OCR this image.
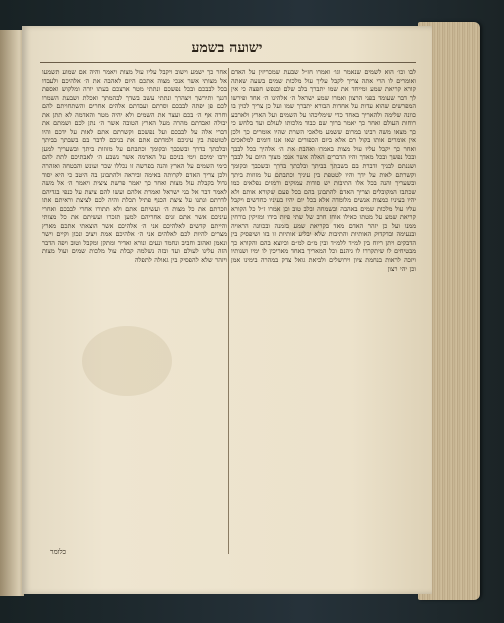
ישועה בשמע
לבו וכו׳ הוא לשמים שנאמר וגו׳ ואמרו חז״ל שבעת שמכריזין על האדם ואומרים לו הרי אתה צריך לקבל עליך עול מלכות שמים בשעה שאתה קורא קריאת שמע ומייחד את שמו יתברך בלב שלם ובנפש חפצה כי אין לך דבר שעומד בפני הרצון ואמרו שמע ישראל ה׳ אלהינו ה׳ אחד ופירשו המפרשים שהוא עדות על אחדות הבורא יתברך שמו ועל כן צריך לכוין בו כוונה שלימה ולהאריך באחד כדי שימליכהו על השמים ועל הארץ ולארבע רוחות העולם ואחר כך יאמר ברוך שם כבוד מלכותו לעולם ועד בלחש כי כך מצאו משה רבינו במרום ששמע מלאכי השרת שהיו אומרים כך ולכן אין אומרים אותו בקול רם אלא ביום הכפורים שאז אנו דומים למלאכים ואחר כך יקבל עליו עול מצות באמרו ואהבת את ה׳ אלהיך בכל לבבך ובכל נפשך ובכל מאדך והיו הדברים האלה אשר אנכי מצוך היום על לבבך ושננתם לבניך ודברת בם בשבתך בביתך ובלכתך בדרך ובשכבך ובקומך וקשרתם לאות על ידך והיו לטטפת בין עיניך וכתבתם על מזוזות ביתך ובשעריך והנה בכל אלו התיבות יש סודות עמוקים ורמזים נפלאים כמו שכתבו המקובלים וצריך האדם להתבונן בהם בכל פעם שקורא אותם ולא יהיו בעיניו כמצות אנשים מלומדה אלא בכל יום יהיו בעיניו כחדשים ויקבל עליו עול מלכות שמים באהבה ובשמחה ובלב טוב וכן אמרו ז״ל כל הקורא קריאת שמע על מטתו כאילו אוחז חרב של שתי פיות בידו ומזיקין בורחין ממנו ועל כן יזהר האדם מאד בקריאת שמע בזמנה ובכוונה הראויה ובנעימה ובדקדוק האותיות והתיבות שלא יבליע אותיות זו בזו ושיפסיק בין הדבקים ויתן ריוח בין למ״ד ללמ״ד ובין מ״ם למ״ם וכיוצא בהם והקורא כך מבטיחים לו שיתקררו לו גיהנם וכל המאריך באחד מאריכין לו ימיו ושנותיו ויזכה לראות בנחמת ציון וירושלים ולביאת גואל צדק במהרה בימינו אמן וכן יהי רצון
אחר כך ישמע וישוב ויקבל עליו עול מצות ויאמר והיה אם שמוע תשמעו אל מצותי אשר אנכי מצוה אתכם היום לאהבה את ה׳ אלהיכם ולעבדו בכל לבבכם ובכל נפשכם ונתתי מטר ארצכם בעתו יורה ומלקוש ואספת דגנך ותירשך ויצהרך ונתתי עשב בשדך לבהמתך ואכלת ושבעת השמרו לכם פן יפתה לבבכם וסרתם ועבדתם אלהים אחרים והשתחויתם להם וחרה אף ה׳ בכם ועצר את השמים ולא יהיה מטר והאדמה לא תתן את יבולה ואבדתם מהרה מעל הארץ הטובה אשר ה׳ נתן לכם ושמתם את דברי אלה על לבבכם ועל נפשכם וקשרתם אתם לאות על ידכם והיו לטוטפת בין עיניכם ולמדתם אתם את בניכם לדבר בם בשבתך בביתך ובלכתך בדרך ובשכבך ובקומך וכתבתם על מזוזות ביתך ובשעריך למען ירבו ימיכם וימי בניכם על האדמה אשר נשבע ה׳ לאבתיכם לתת להם כימי השמים על הארץ והנה בפרשה זו נכללו שכר ועונש והבטחה ואזהרה ולכן צריך האדם לקרותה באימה וביראה ולהתבונן בה היטב כי היא יסוד גדול בקבלת עול מצות ואחר כך יאמר פרשת ציצית ויאמר ה׳ אל משה לאמר דבר אל בני ישראל ואמרת אלהם ועשו להם ציצת על כנפי בגדיהם לדרתם ונתנו על ציצת הכנף פתיל תכלת והיה לכם לציצת וראיתם אתו וזכרתם את כל מצות ה׳ ועשיתם אתם ולא תתורו אחרי לבבכם ואחרי עיניכם אשר אתם זנים אחריהם למען תזכרו ועשיתם את כל מצותי והייתם קדשים לאלהיכם אני ה׳ אלהיכם אשר הוצאתי אתכם מארץ מצרים להיות לכם לאלהים אני ה׳ אלהיכם אמת ויציב ונכון וקיים וישר ונאמן ואהוב וחביב ונחמד ונעים ונורא ואדיר ומתקן ומקבל וטוב ויפה הדבר הזה עלינו לעולם ועד ובזה נשלמה קבלת עול מלכות שמים ועול מצות ויזהר שלא להפסיק בין גאולה לתפלה
כלומר
